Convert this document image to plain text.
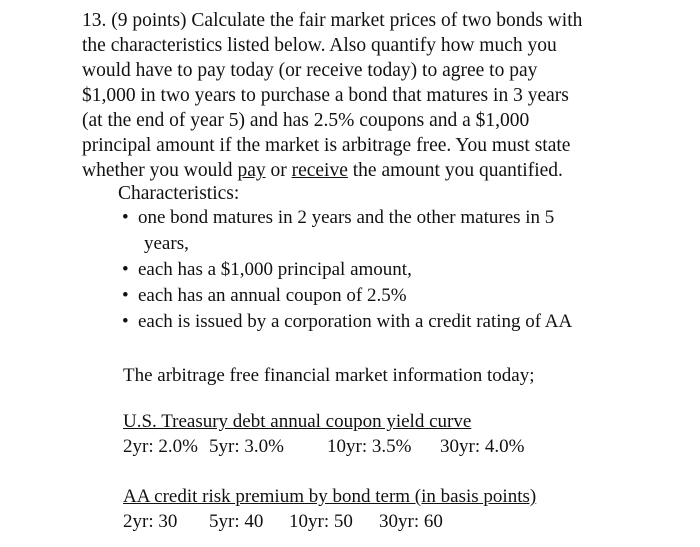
13. (9 points) Calculate the fair market prices of two bonds with
the characteristics listed below. Also quantify how much you
would have to pay today (or receive today) to agree to pay
$1,000 in two years to purchase a bond that matures in 3 years
(at the end of year 5) and has 2.5% coupons and a $1,000
principal amount if the market is arbitrage free. You must state
whether you would pay or receive the amount you quantified.
Characteristics:
• one bond matures in 2 years and the other matures in 5
years,
• each has a $1,000 principal amount,
• each has an annual coupon of 2.5%
• each is issued by a corporation with a credit rating of AA
The arbitrage free financial market information today;
U.S. Treasury debt annual coupon yield curve
2yr: 2.0% 5yr: 3.0% 10yr: 3.5% 30yr: 4.0%
AA credit risk premium by bond term (in basis points)
2yr: 30 5yr: 40 10yr: 50 30yr: 60
